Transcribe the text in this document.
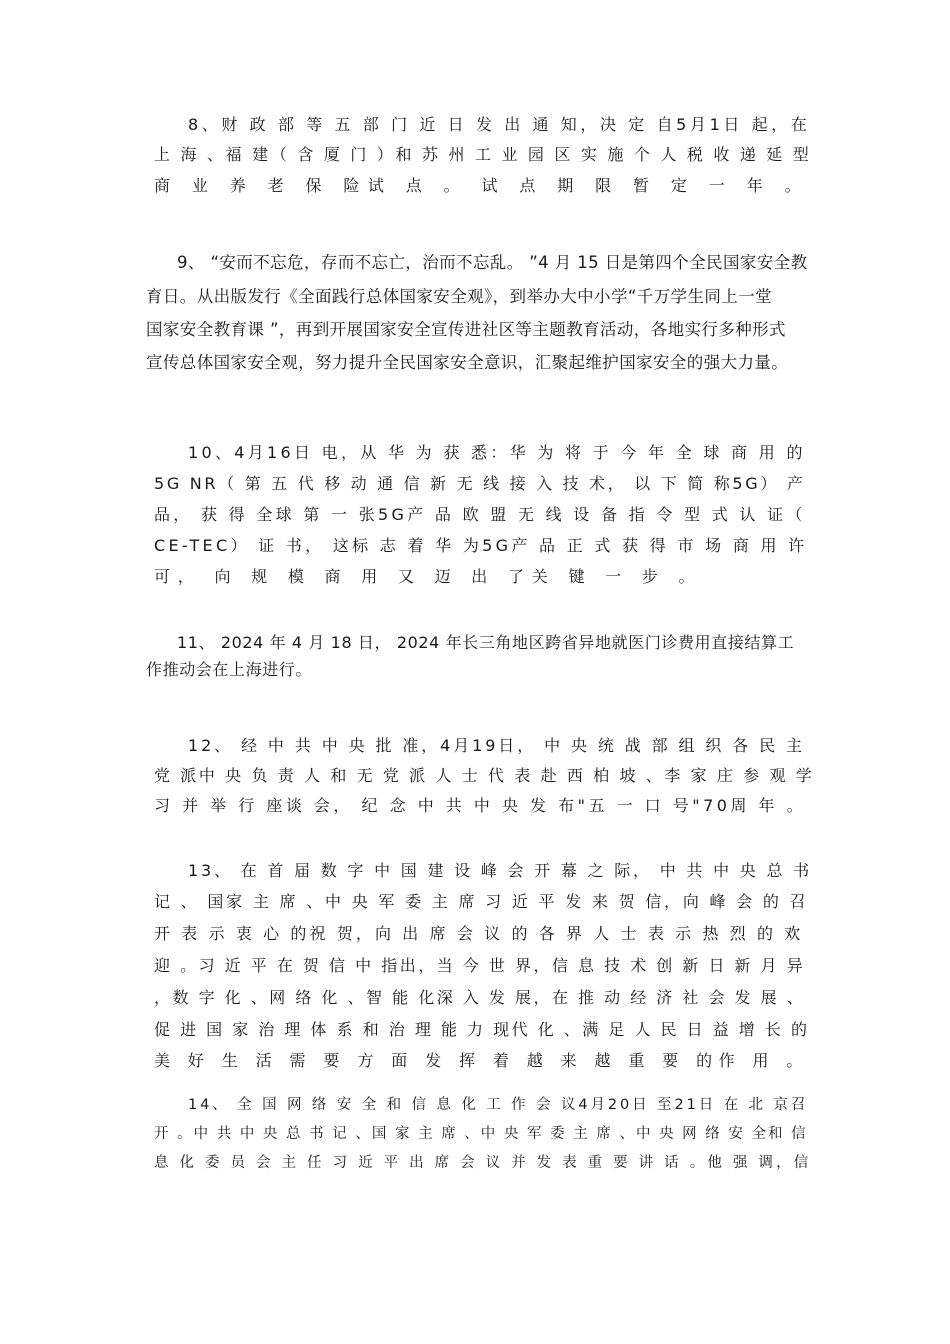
8、财 政 部 等 五 部 门 近 日 发 出 通 知，决 定 自5月1日 起，在

上 海 、福 建（ 含 厦 门 ）和 苏 州 工 业 园 区 实 施 个 人 税 收 递 延 型

商 业 养 老 保 险试 点 。 试 点 期 限 暂 定 一 年 。

9、 “安而不忘危，存而不忘亡，治而不忘乱。 ”4 月 15 日是第四个全民国家安全教

育日。从出版发行《全面践行总体国家安全观》，到举办大中小学“千万学生同上一堂

国家安全教育课 ”，再到开展国家安全宣传进社区等主题教育活动，各地实行多种形式

宣传总体国家安全观，努力提升全民国家安全意识，汇聚起维护国家安全的强大力量。

10、4月16日 电，从 华 为 获 悉：华 为 将 于 今 年 全 球 商 用 的

5G NR（ 第 五 代 移 动 通 信 新 无 线 接 入 技 术， 以 下 简 称5G） 产

品， 获 得 全球 第 一 张5G产 品 欧 盟 无 线 设 备 指 令 型 式 认 证（

CE-TEC） 证 书， 这标 志 着 华 为5G产 品 正 式 获 得 市 场 商 用 许

可， 向 规 模 商 用 又 迈 出 了关 键 一 步 。

11、 2024 年 4 月 18 日， 2024 年长三角地区跨省异地就医门诊费用直接结算工

作推动会在上海进行。

12、 经 中 共 中 央 批 准，4月19日， 中 央 统 战 部 组 织 各 民 主

党 派中 央 负 责 人 和 无 党 派 人 士 代 表 赴 西 柏 坡 、李 家 庄 参 观 学

习 并 举 行 座谈 会， 纪 念 中 共 中 央 发 布"五 一 口 号"70周 年 。

13、 在 首 届 数 字 中 国 建 设 峰 会 开 幕 之 际， 中 共 中 央 总 书

记 、 国家 主 席 、中 央 军 委 主 席 习 近 平 发 来 贺 信，向 峰 会 的 召

开 表 示 衷 心 的祝 贺，向 出 席 会 议 的 各 界 人 士 表 示 热 烈 的 欢

迎 。习 近 平 在 贺 信 中 指出，当 今 世 界，信 息 技 术 创 新 日 新 月 异

，数 字 化 、网 络 化 、智 能 化深 入 发 展，在 推 动 经 济 社 会 发 展 、

促 进 国 家 治 理 体 系 和 治 理 能 力 现代 化 、满 足 人 民 日 益 增 长 的

美 好 生 活 需 要 方 面 发 挥 着 越 来 越 重 要 的作 用 。

14、 全 国 网 络 安 全 和 信 息 化 工 作 会 议4月20日 至21日 在 北 京召

开 。中 共 中 央 总 书 记 、国 家 主 席 、中 央 军 委 主 席 、中 央 网 络 安 全和 信

息 化 委 员 会 主 任 习 近 平 出 席 会 议 并 发 表 重 要 讲 话 。他 强 调，信
